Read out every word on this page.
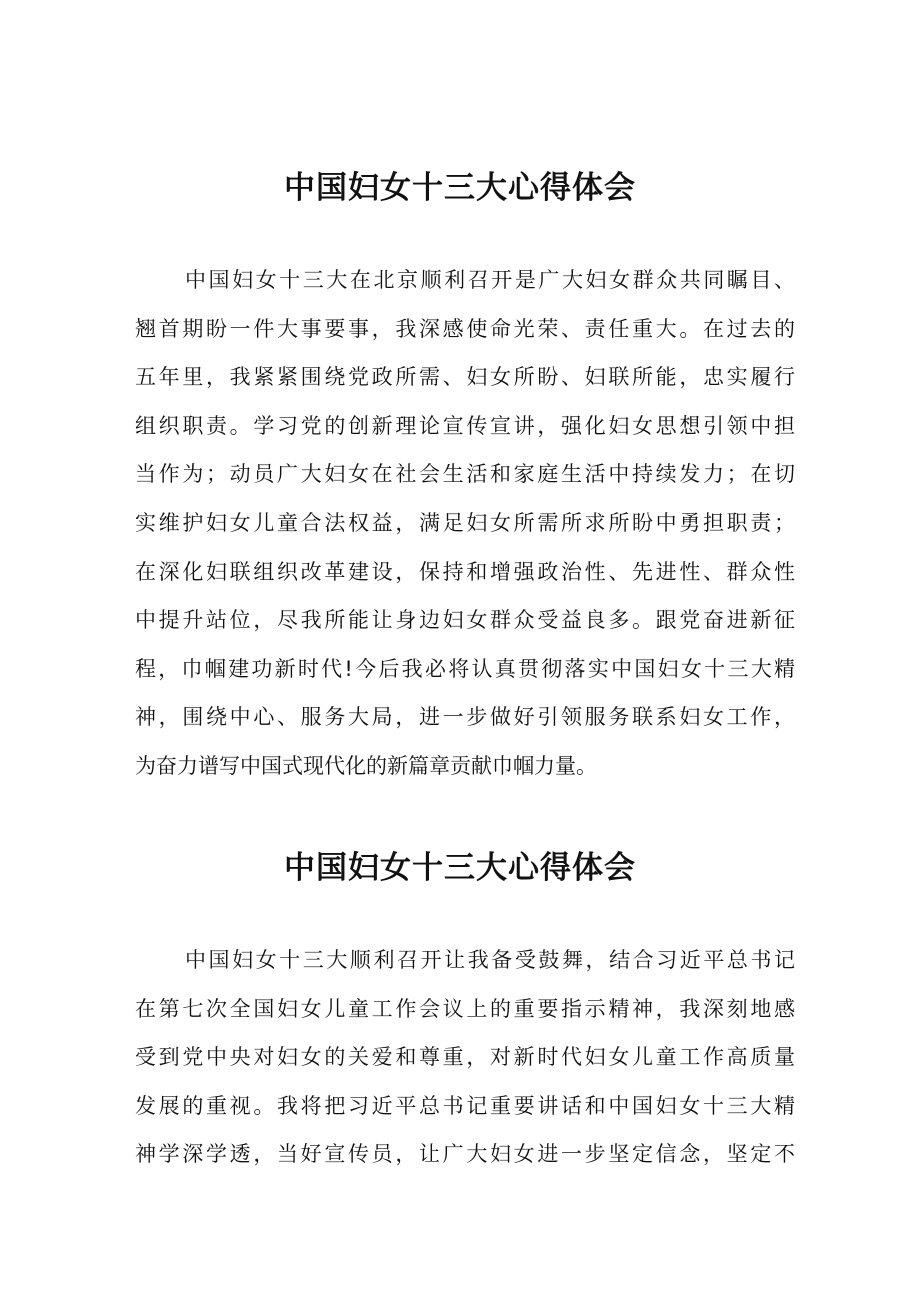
中国妇女十三大心得体会
中国妇女十三大在北京顺利召开是广大妇女群众共同瞩目、
翘首期盼一件大事要事，我深感使命光荣、责任重大。在过去的
五年里，我紧紧围绕党政所需、妇女所盼、妇联所能，忠实履行
组织职责。学习党的创新理论宣传宣讲，强化妇女思想引领中担
当作为；动员广大妇女在社会生活和家庭生活中持续发力；在切
实维护妇女儿童合法权益，满足妇女所需所求所盼中勇担职责；
在深化妇联组织改革建设，保持和增强政治性、先进性、群众性
中提升站位，尽我所能让身边妇女群众受益良多。跟党奋进新征
程，巾帼建功新时代!今后我必将认真贯彻落实中国妇女十三大精
神，围绕中心、服务大局，进一步做好引领服务联系妇女工作，
为奋力谱写中国式现代化的新篇章贡献巾帼力量。
中国妇女十三大心得体会
中国妇女十三大顺利召开让我备受鼓舞，结合习近平总书记
在第七次全国妇女儿童工作会议上的重要指示精神，我深刻地感
受到党中央对妇女的关爱和尊重，对新时代妇女儿童工作高质量
发展的重视。我将把习近平总书记重要讲话和中国妇女十三大精
神学深学透，当好宣传员，让广大妇女进一步坚定信念，坚定不
